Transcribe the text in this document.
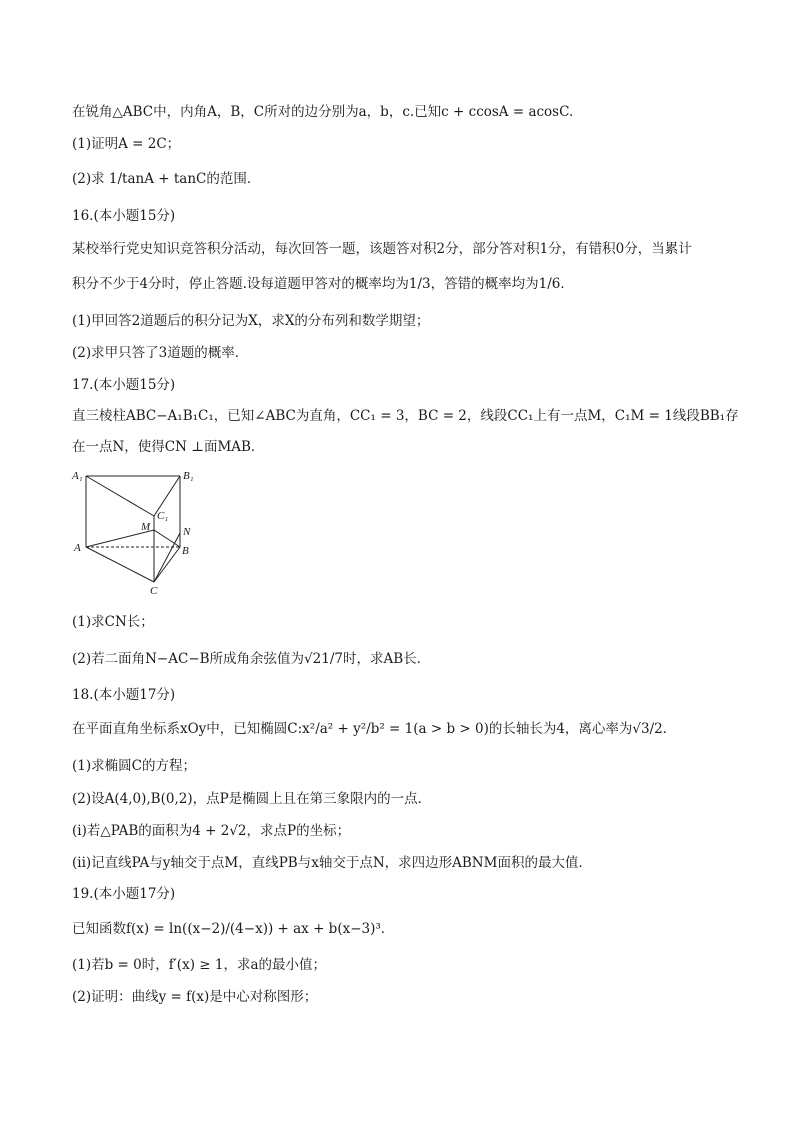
在锐角△ABC中，内角A，B，C所对的边分别为a，b，c.已知c + ccosA = acosC.
(1)证明A = 2C；
(2)求 1/tanA + tanC的范围．
16.(本小题15分)
某校举行党史知识竞答积分活动，每次回答一题，该题答对积2分，部分答对积1分，有错积0分，当累计
积分不少于4分时，停止答题.设每道题甲答对的概率均为1/3，答错的概率均为1/6．
(1)甲回答2道题后的积分记为X，求X的分布列和数学期望；
(2)求甲只答了3道题的概率．
17.(本小题15分)
直三棱柱ABC−A₁B₁C₁，已知∠ABC为直角，CC₁ = 3，BC = 2，线段CC₁上有一点M，C₁M = 1线段BB₁存
在一点N，使得CN ⊥面MAB．
(1)求CN长；
(2)若二面角N−AC−B所成角余弦值为√21/7时，求AB长．
18.(本小题17分)
在平面直角坐标系xOy中，已知椭圆C:x²/a² + y²/b² = 1(a > b > 0)的长轴长为4，离心率为√3/2．
(1)求椭圆C的方程；
(2)设A(4,0),B(0,2)，点P是椭圆上且在第三象限内的一点．
(i)若△PAB的面积为4 + 2√2，求点P的坐标；
(ii)记直线PA与y轴交于点M，直线PB与x轴交于点N，求四边形ABNM面积的最大值．
19.(本小题17分)
已知函数f(x) = ln((x−2)/(4−x)) + ax + b(x−3)³．
(1)若b = 0时，f′(x) ≥ 1，求a的最小值；
(2)证明：曲线y = f(x)是中心对称图形；
A₁	B₁
C₁
M	N
A	B
C
